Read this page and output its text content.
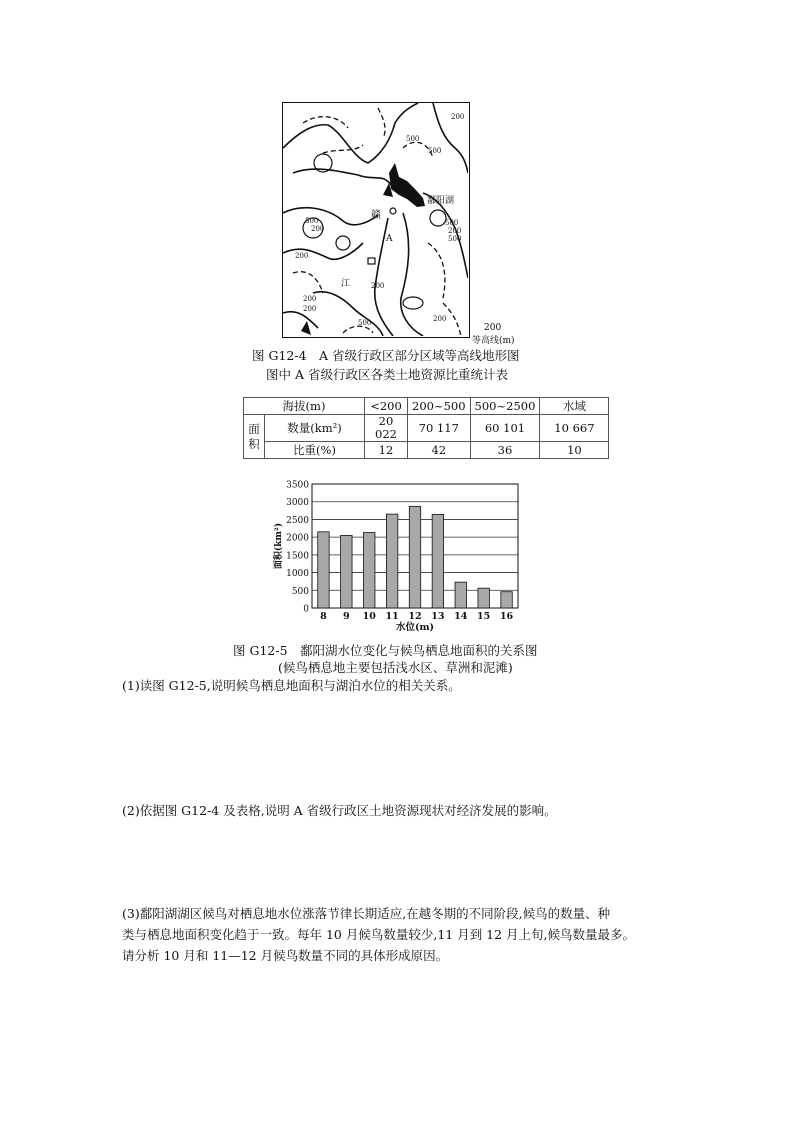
鄱阳湖
赣
A
江
200
500
500
500
200
200
500
200
500
200
200
200
500	200
200
等高线(m)
图 G12-4　A 省级行政区部分区域等高线地形图
图中 A 省级行政区各类土地资源比重统计表
海拔(m)		<200	200~500	500~2500	水域
面
积	数量(km²)	20
022	70 117	60 101	10 667
	比重(%)	12	42	36	10
0
500
1000
1500
2000
2500
3000
3500
8 9 10 11 12 13 14 15 16
水位(m)
面积(km²)
图 G12-5　鄱阳湖水位变化与候鸟栖息地面积的关系图
(候鸟栖息地主要包括浅水区、草洲和泥滩)
(1)读图 G12-5,说明候鸟栖息地面积与湖泊水位的相关关系。
(2)依据图 G12-4 及表格,说明 A 省级行政区土地资源现状对经济发展的影响。
(3)鄱阳湖湖区候鸟对栖息地水位涨落节律长期适应,在越冬期的不同阶段,候鸟的数量、种
类与栖息地面积变化趋于一致。每年 10 月候鸟数量较少,11 月到 12 月上旬,候鸟数量最多。
请分析 10 月和 11—12 月候鸟数量不同的具体形成原因。
